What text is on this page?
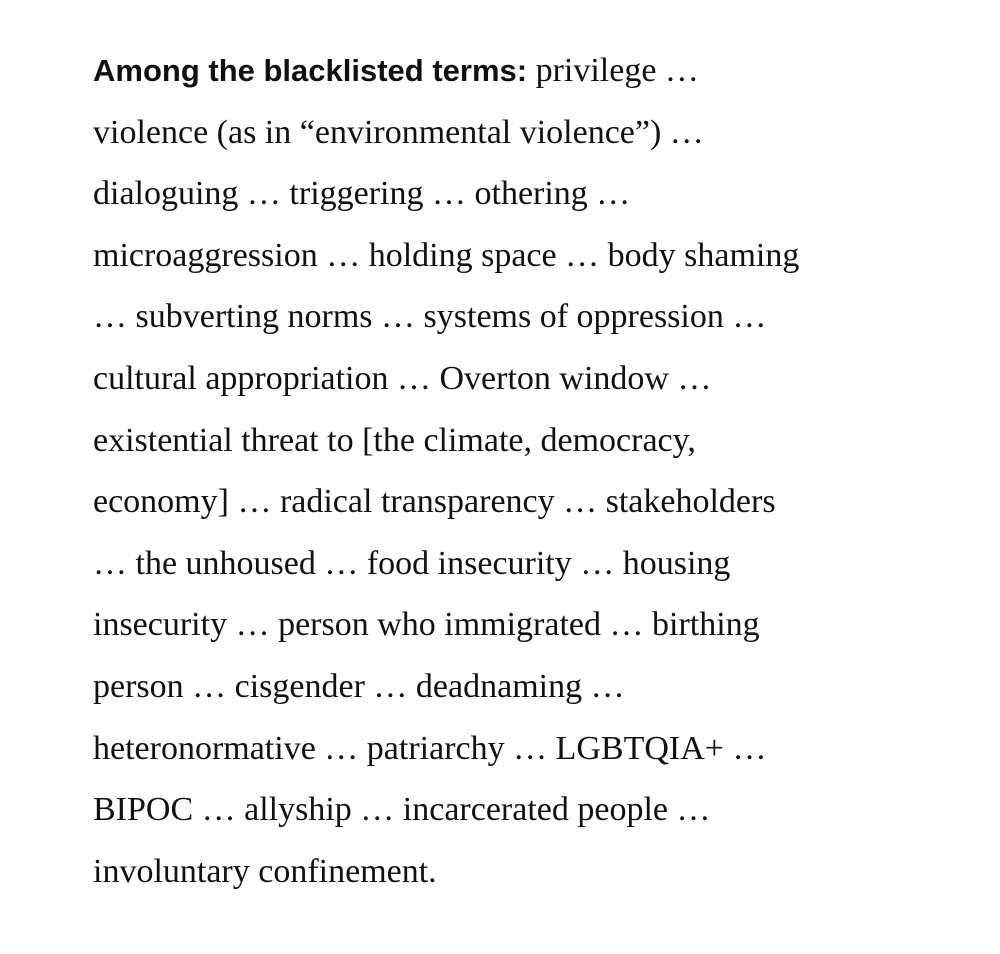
Among the blacklisted terms: privilege …
violence (as in “environmental violence”) …
dialoguing … triggering … othering …
microaggression … holding space … body shaming
… subverting norms … systems of oppression …
cultural appropriation … Overton window …
existential threat to [the climate, democracy,
economy] … radical transparency … stakeholders
… the unhoused … food insecurity … housing
insecurity … person who immigrated … birthing
person … cisgender … deadnaming …
heteronormative … patriarchy … LGBTQIA+ …
BIPOC … allyship … incarcerated people …
involuntary confinement.
